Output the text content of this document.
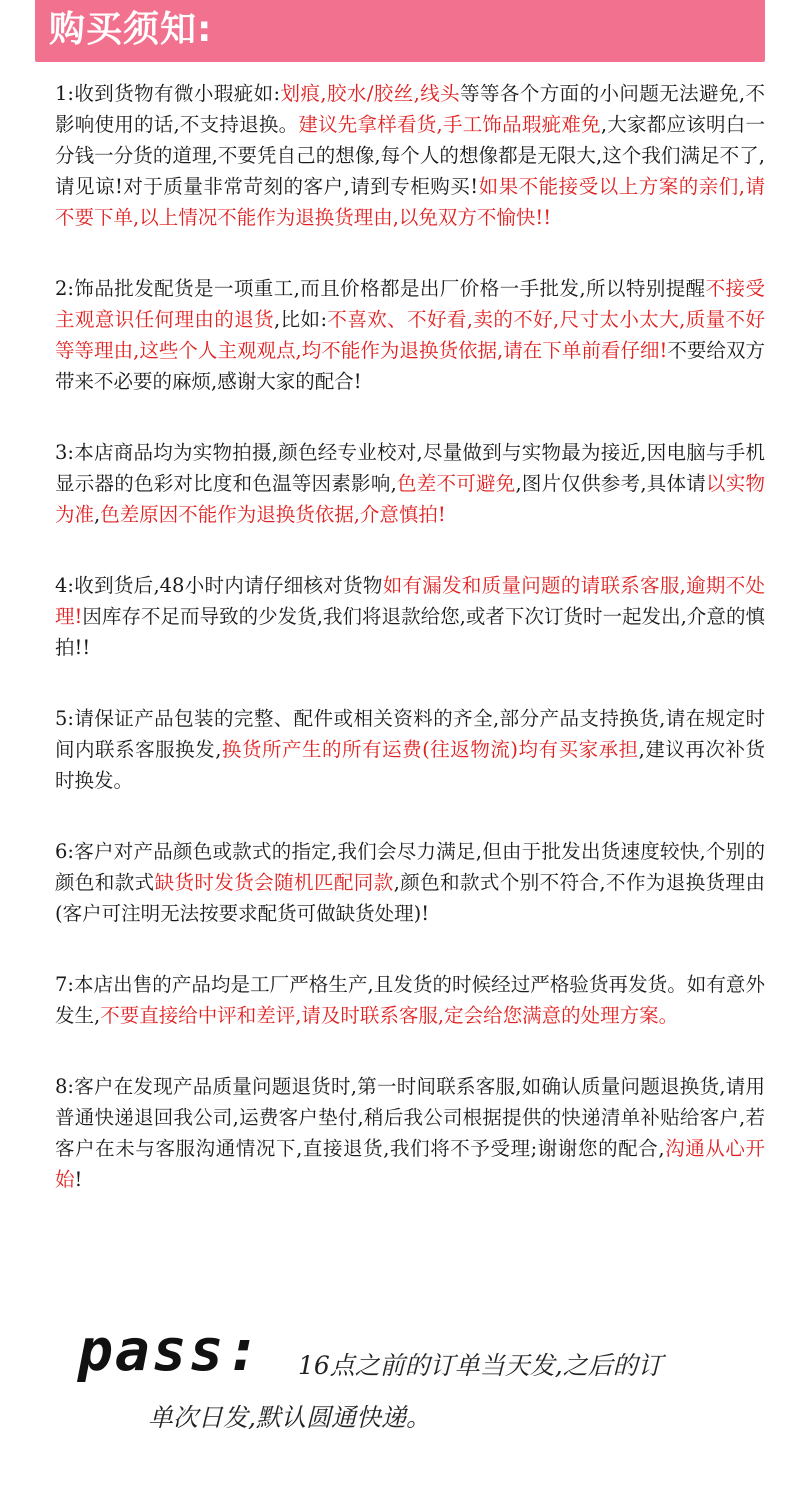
购买须知:

1:收到货物有微小瑕疵如:划痕,胶水/胶丝,线头等等各个方面的小问题无法避免,不影响使用的话,不支持退换。建议先拿样看货,手工饰品瑕疵难免,大家都应该明白一分钱一分货的道理,不要凭自己的想像,每个人的想像都是无限大,这个我们满足不了,请见谅!对于质量非常苛刻的客户,请到专柜购买!如果不能接受以上方案的亲们,请不要下单,以上情况不能作为退换货理由,以免双方不愉快!!

2:饰品批发配货是一项重工,而且价格都是出厂价格一手批发,所以特别提醒不接受主观意识任何理由的退货,比如:不喜欢、不好看,卖的不好,尺寸太小太大,质量不好等等理由,这些个人主观观点,均不能作为退换货依据,请在下单前看仔细!不要给双方带来不必要的麻烦,感谢大家的配合!

3:本店商品均为实物拍摄,颜色经专业校对,尽量做到与实物最为接近,因电脑与手机显示器的色彩对比度和色温等因素影响,色差不可避免,图片仅供参考,具体请以实物为准,色差原因不能作为退换货依据,介意慎拍!

4:收到货后,48小时内请仔细核对货物如有漏发和质量问题的请联系客服,逾期不处理!因库存不足而导致的少发货,我们将退款给您,或者下次订货时一起发出,介意的慎拍!!

5:请保证产品包装的完整、配件或相关资料的齐全,部分产品支持换货,请在规定时间内联系客服换发,换货所产生的所有运费(往返物流)均有买家承担,建议再次补货时换发。

6:客户对产品颜色或款式的指定,我们会尽力满足,但由于批发出货速度较快,个别的颜色和款式缺货时发货会随机匹配同款,颜色和款式个别不符合,不作为退换货理由(客户可注明无法按要求配货可做缺货处理)!

7:本店出售的产品均是工厂严格生产,且发货的时候经过严格验货再发货。如有意外发生,不要直接给中评和差评,请及时联系客服,定会给您满意的处理方案。

8:客户在发现产品质量问题退货时,第一时间联系客服,如确认质量问题退换货,请用普通快递退回我公司,运费客户垫付,稍后我公司根据提供的快递清单补贴给客户,若客户在未与客服沟通情况下,直接退货,我们将不予受理;谢谢您的配合,沟通从心开始!

pass: 16点之前的订单当天发,之后的订
单次日发,默认圆通快递。
